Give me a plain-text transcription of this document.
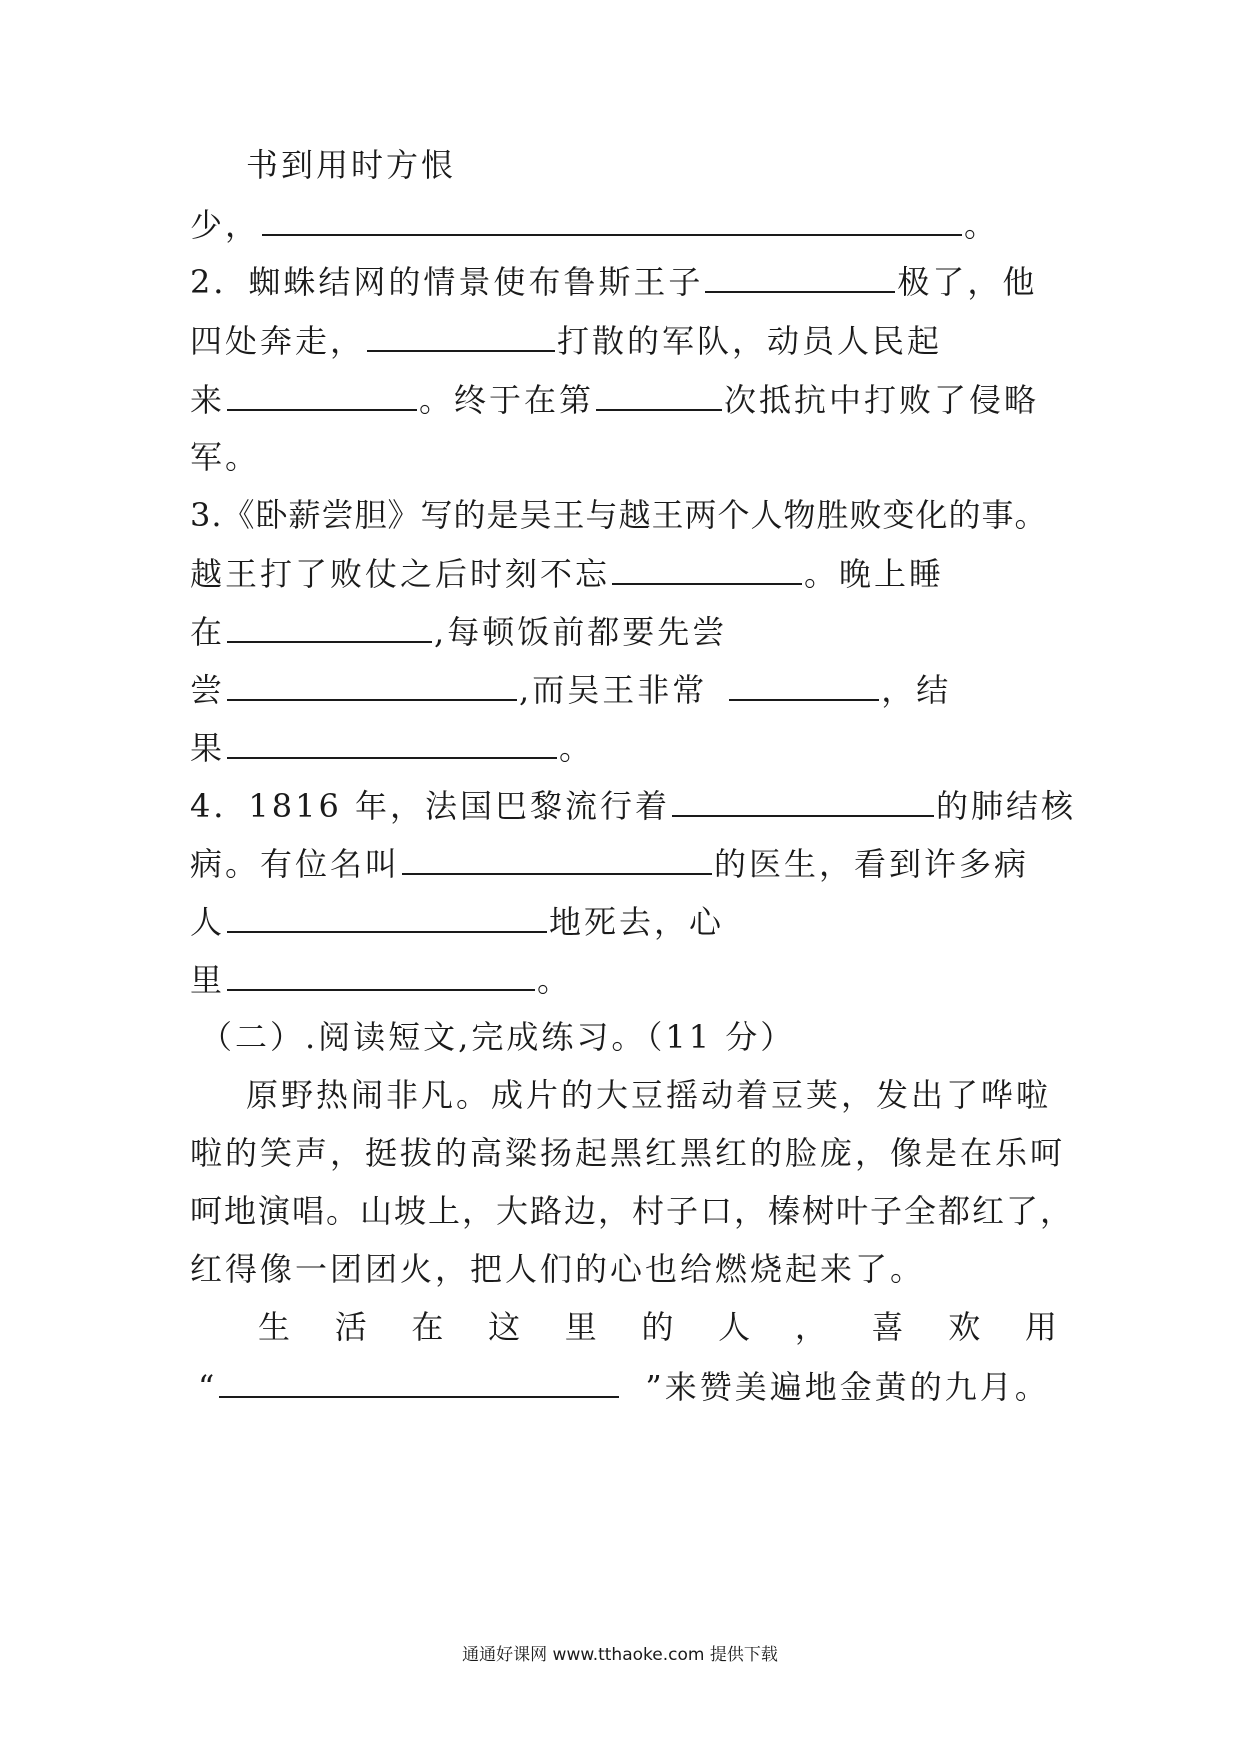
书到用时方恨
少，	。
2．蜘蛛结网的情景使布鲁斯王子	极了，他
四处奔走，	打散的军队，动员人民起
来	。终于在第	次抵抗中打败了侵略
军。
3.《卧薪尝胆》写的是吴王与越王两个人物胜败变化的事。
越王打了败仗之后时刻不忘	。晚上睡
在	,每顿饭前都要先尝
尝	,而吴王非常	，结
果	。
4．1816 年，法国巴黎流行着	的肺结核
病。有位名叫	的医生，看到许多病
人	地死去，心
里	。
（二）.阅读短文,完成练习。（11 分）
原野热闹非凡。成片的大豆摇动着豆荚，发出了哗啦
啦的笑声，挺拔的高粱扬起黑红黑红的脸庞，像是在乐呵
呵地演唱。山坡上，大路边，村子口，榛树叶子全都红了，
红得像一团团火，把人们的心也给燃烧起来了。
生 活 在 这 里 的 人 ， 喜 欢 用
“	”来赞美遍地金黄的九月。
通通好课网 www.tthaoke.com 提供下载
